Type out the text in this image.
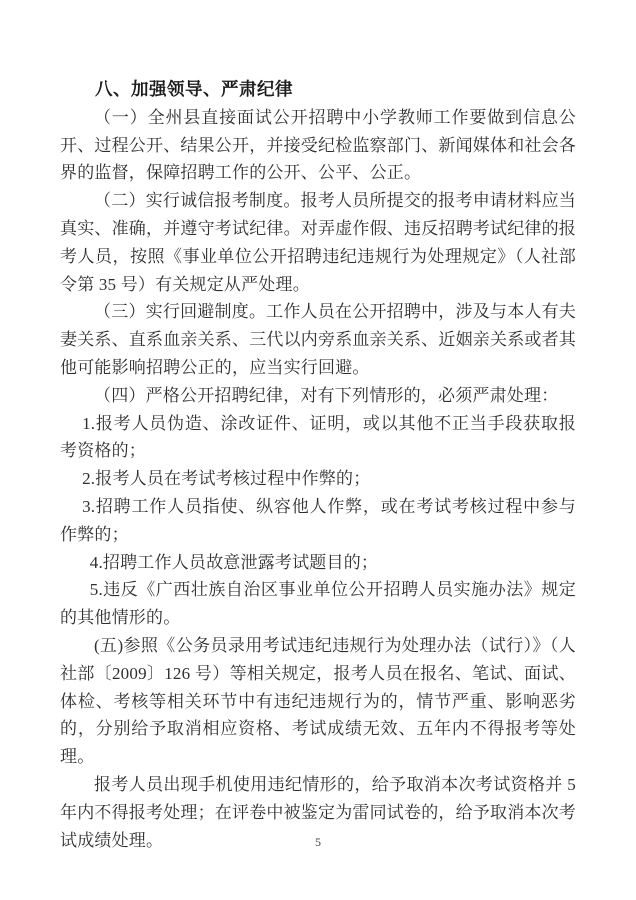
八、加强领导、严肃纪律

（一）全州县直接面试公开招聘中小学教师工作要做到信息公开、过程公开、结果公开，并接受纪检监察部门、新闻媒体和社会各界的监督，保障招聘工作的公开、公平、公正。

（二）实行诚信报考制度。报考人员所提交的报考申请材料应当真实、准确，并遵守考试纪律。对弄虚作假、违反招聘考试纪律的报考人员，按照《事业单位公开招聘违纪违规行为处理规定》（人社部令第 35 号）有关规定从严处理。

（三）实行回避制度。工作人员在公开招聘中，涉及与本人有夫妻关系、直系血亲关系、三代以内旁系血亲关系、近姻亲关系或者其他可能影响招聘公正的，应当实行回避。

（四）严格公开招聘纪律，对有下列情形的，必须严肃处理：

1.报考人员伪造、涂改证件、证明，或以其他不正当手段获取报考资格的；

2.报考人员在考试考核过程中作弊的；

3.招聘工作人员指使、纵容他人作弊，或在考试考核过程中参与作弊的；

4.招聘工作人员故意泄露考试题目的；

5.违反《广西壮族自治区事业单位公开招聘人员实施办法》规定的其他情形的。

(五)参照《公务员录用考试违纪违规行为处理办法（试行）》（人社部〔2009〕126 号）等相关规定，报考人员在报名、笔试、面试、体检、考核等相关环节中有违纪违规行为的，情节严重、影响恶劣的，分别给予取消相应资格、考试成绩无效、五年内不得报考等处理。

报考人员出现手机使用违纪情形的，给予取消本次考试资格并 5 年内不得报考处理；在评卷中被鉴定为雷同试卷的，给予取消本次考试成绩处理。	5
